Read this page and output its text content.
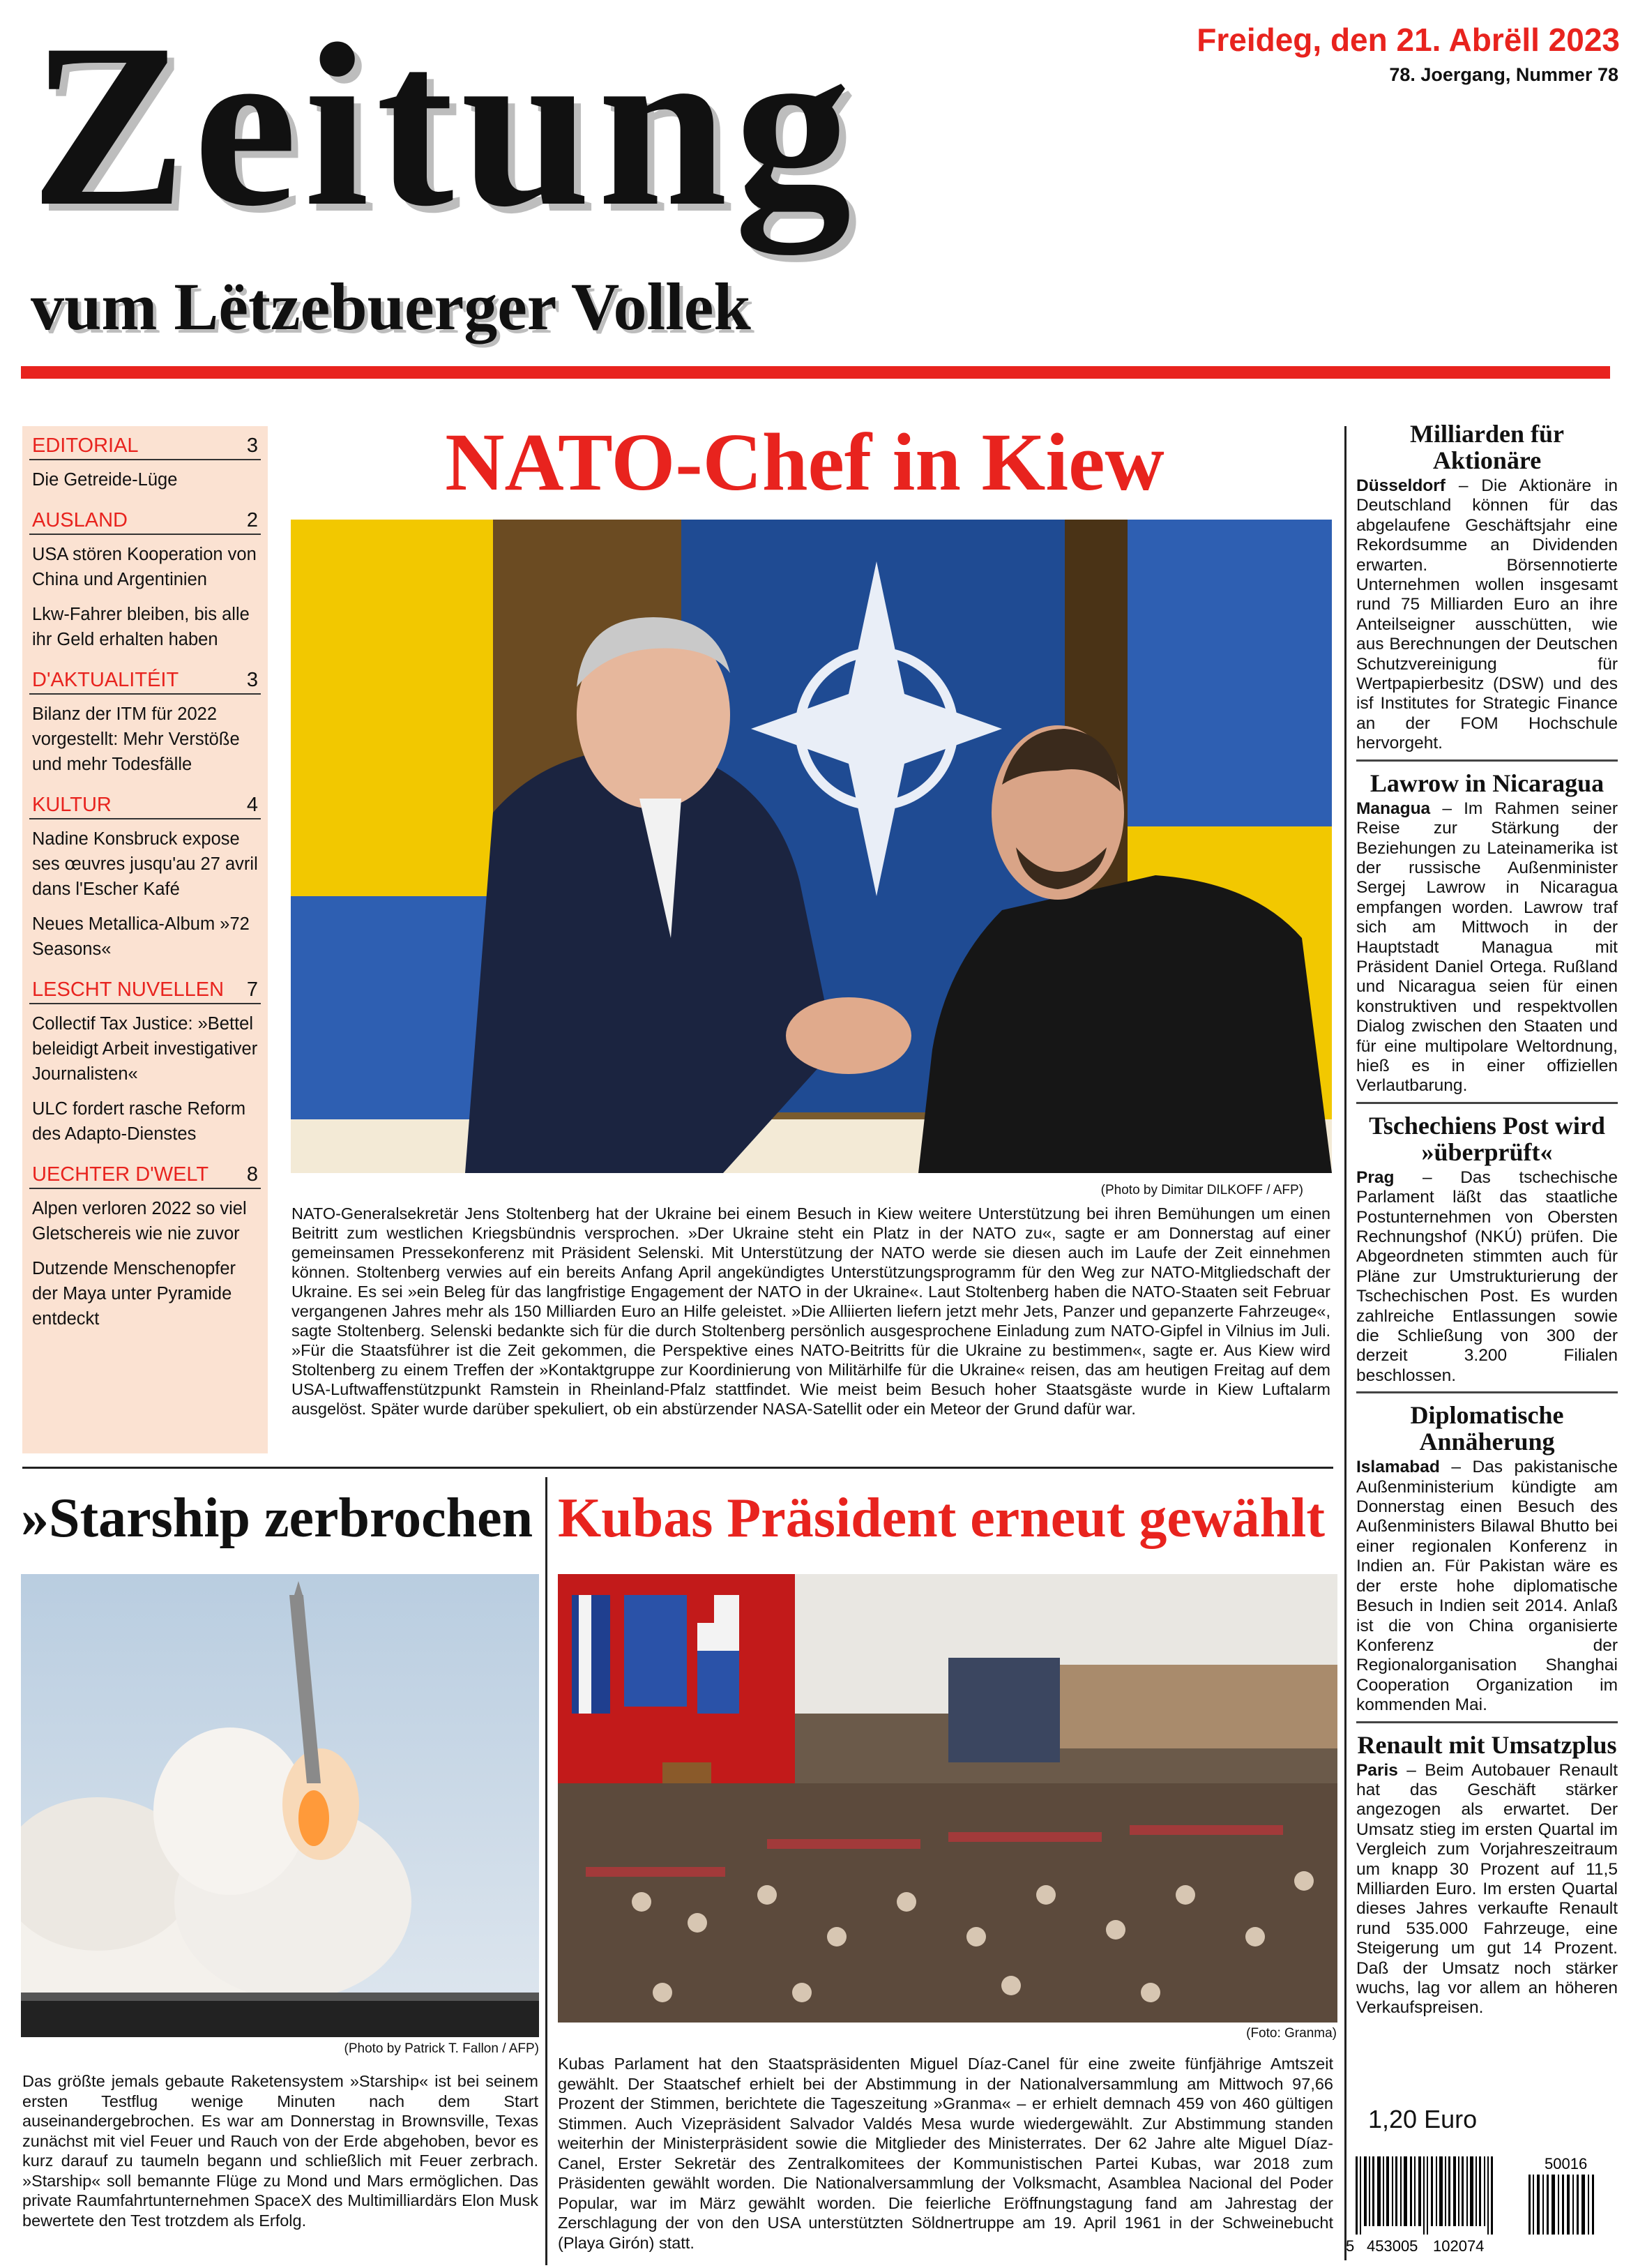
Zeitung
vum Lëtzebuerger Vollek
Freideg, den 21. Abrëll 2023
78. Joergang, Nummer 78
EDITORIAL	3
Die Getreide-Lüge
AUSLAND	2
USA stören Kooperation von China und Argentinien
Lkw-Fahrer bleiben, bis alle ihr Geld erhalten haben
D'AKTUALITÉIT	3
Bilanz der ITM für 2022 vorgestellt: Mehr Verstöße und mehr Todesfälle
KULTUR	4
Nadine Konsbruck expose ses œuvres jusqu'au 27 avril dans l'Escher Kafé
Neues Metallica-Album »72 Seasons«
LESCHT NUVELLEN 7
Collectif Tax Justice: »Bettel beleidigt Arbeit investigativer Journalisten«
ULC fordert rasche Reform des Adapto-Dienstes
UECHTER D'WELT 8
Alpen verloren 2022 so viel Gletschereis wie nie zuvor
Dutzende Menschenopfer der Maya unter Pyramide entdeckt
NATO-Chef in Kiew
(Photo by Dimitar DILKOFF / AFP)
NATO-Generalsekretär Jens Stoltenberg hat der Ukraine bei einem Besuch in Kiew weitere Unterstützung bei ihren Bemühungen um einen Beitritt zum westlichen Kriegsbündnis versprochen. »Der Ukraine steht ein Platz in der NATO zu«, sagte er am Donnerstag auf einer gemeinsamen Pressekonferenz mit Präsident Selenski. Mit Unterstützung der NATO werde sie diesen auch im Laufe der Zeit einnehmen können. Stoltenberg verwies auf ein bereits Anfang April angekündigtes Unterstützungsprogramm für den Weg zur NATO-Mitgliedschaft der Ukraine. Es sei »ein Beleg für das langfristige Engagement der NATO in der Ukraine«. Laut Stoltenberg haben die NATO-Staaten seit Februar vergangenen Jahres mehr als 150 Milliarden Euro an Hilfe geleistet. »Die Alliierten liefern jetzt mehr Jets, Panzer und gepanzerte Fahrzeuge«, sagte Stoltenberg. Selenski bedankte sich für die durch Stoltenberg persönlich ausgesprochene Einladung zum NATO-Gipfel in Vilnius im Juli. »Für die Staatsführer ist die Zeit gekommen, die Perspektive eines NATO-Beitritts für die Ukraine zu bestimmen«, sagte er. Aus Kiew wird Stoltenberg zu einem Treffen der »Kontaktgruppe zur Koordinierung von Militärhilfe für die Ukraine« reisen, das am heutigen Freitag auf dem USA-Luftwaffenstützpunkt Ramstein in Rheinland-Pfalz stattfindet. Wie meist beim Besuch hoher Staatsgäste wurde in Kiew Luftalarm ausgelöst. Später wurde darüber spekuliert, ob ein abstürzender NASA-Satellit oder ein Meteor der Grund dafür war.
Milliarden für Aktionäre

Düsseldorf – Die Aktionäre in Deutschland können für das abgelaufene Geschäftsjahr eine Rekordsumme an Dividenden erwarten. Börsennotierte Unternehmen wollen insgesamt rund 75 Milliarden Euro an ihre Anteilseigner ausschütten, wie aus Berechnungen der Deutschen Schutzvereinigung für Wertpapierbesitz (DSW) und des isf Institutes for Strategic Finance an der FOM Hochschule hervorgeht.

Lawrow in Nicaragua

Managua – Im Rahmen seiner Reise zur Stärkung der Beziehungen zu Lateinamerika ist der russische Außenminister Sergej Lawrow in Nicaragua empfangen worden. Lawrow traf sich am Mittwoch in der Hauptstadt Managua mit Präsident Daniel Ortega. Rußland und Nicaragua seien für einen konstruktiven und respektvollen Dialog zwischen den Staaten und für eine multipolare Weltordnung, hieß es in einer offiziellen Verlautbarung.

Tschechiens Post wird »überprüft«

Prag – Das tschechische Parlament läßt das staatliche Postunternehmen von Obersten Rechnungshof (NKÚ) prüfen. Die Abgeordneten stimmten auch für Pläne zur Umstrukturierung der Tschechischen Post. Es wurden zahlreiche Entlassungen sowie die Schließung von 300 der derzeit 3.200 Filialen beschlossen.

Diplomatische Annäherung

Islamabad – Das pakistanische Außenministerium kündigte am Donnerstag einen Besuch des Außenministers Bilawal Bhutto bei einer regionalen Konferenz in Indien an. Für Pakistan wäre es der erste hohe diplomatische Besuch in Indien seit 2014. Anlaß ist die von China organisierte Konferenz der Regionalorganisation Shanghai Cooperation Organization im kommenden Mai.

Renault mit Umsatzplus

Paris – Beim Autobauer Renault hat das Geschäft stärker angezogen als erwartet. Der Umsatz stieg im ersten Quartal im Vergleich zum Vorjahreszeitraum um knapp 30 Prozent auf 11,5 Milliarden Euro. Im ersten Quartal dieses Jahres verkaufte Renault rund 535.000 Fahrzeuge, eine Steigerung um gut 14 Prozent. Daß der Umsatz noch stärker wuchs, lag vor allem an höheren Verkaufspreisen.

1,20 Euro
5 453005 102074
50016
»Starship zerbrochen
(Photo by Patrick T. Fallon / AFP)
Das größte jemals gebaute Raketensystem »Starship« ist bei seinem ersten Testflug wenige Minuten nach dem Start auseinandergebrochen. Es war am Donnerstag in Brownsville, Texas zunächst mit viel Feuer und Rauch von der Erde abgehoben, bevor es kurz darauf zu taumeln begann und schließlich mit Feuer zerbrach. »Starship« soll bemannte Flüge zu Mond und Mars ermöglichen. Das private Raumfahrtunternehmen SpaceX des Multimilliardärs Elon Musk bewertete den Test trotzdem als Erfolg.
Kubas Präsident erneut gewählt
(Foto: Granma)
Kubas Parlament hat den Staatspräsidenten Miguel Díaz-Canel für eine zweite fünfjährige Amtszeit gewählt. Der Staatschef erhielt bei der Abstimmung in der Nationalversammlung am Mittwoch 97,66 Prozent der Stimmen, berichtete die Tageszeitung »Granma« – er erhielt demnach 459 von 460 gültigen Stimmen. Auch Vizepräsident Salvador Valdés Mesa wurde wiedergewählt. Zur Abstimmung standen weiterhin der Ministerpräsident sowie die Mitglieder des Ministerrates. Der 62 Jahre alte Miguel Díaz-Canel, Erster Sekretär des Zentralkomitees der Kommunistischen Partei Kubas, war 2018 zum Präsidenten gewählt worden. Die Nationalversammlung der Volksmacht, Asamblea Nacional del Poder Popular, war im März gewählt worden. Die feierliche Eröffnungstagung fand am Jahrestag der Zerschlagung der von den USA unterstützten Söldnertruppe am 19. April 1961 in der Schweinebucht (Playa Girón) statt.
